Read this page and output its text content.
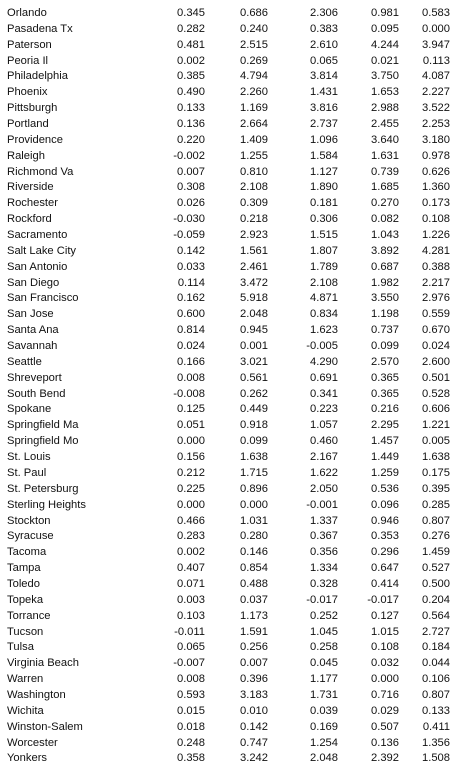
Orlando	0.345	0.686	2.306	0.981	0.583
Pasadena Tx	0.282	0.240	0.383	0.095	0.000
Paterson	0.481	2.515	2.610	4.244	3.947
Peoria Il	0.002	0.269	0.065	0.021	0.113
Philadelphia	0.385	4.794	3.814	3.750	4.087
Phoenix	0.490	2.260	1.431	1.653	2.227
Pittsburgh	0.133	1.169	3.816	2.988	3.522
Portland	0.136	2.664	2.737	2.455	2.253
Providence	0.220	1.409	1.096	3.640	3.180
Raleigh	-0.002	1.255	1.584	1.631	0.978
Richmond Va	0.007	0.810	1.127	0.739	0.626
Riverside	0.308	2.108	1.890	1.685	1.360
Rochester	0.026	0.309	0.181	0.270	0.173
Rockford	-0.030	0.218	0.306	0.082	0.108
Sacramento	-0.059	2.923	1.515	1.043	1.226
Salt Lake City	0.142	1.561	1.807	3.892	4.281
San Antonio	0.033	2.461	1.789	0.687	0.388
San Diego	0.114	3.472	2.108	1.982	2.217
San Francisco	0.162	5.918	4.871	3.550	2.976
San Jose	0.600	2.048	0.834	1.198	0.559
Santa Ana	0.814	0.945	1.623	0.737	0.670
Savannah	0.024	0.001	-0.005	0.099	0.024
Seattle	0.166	3.021	4.290	2.570	2.600
Shreveport	0.008	0.561	0.691	0.365	0.501
South Bend	-0.008	0.262	0.341	0.365	0.528
Spokane	0.125	0.449	0.223	0.216	0.606
Springfield Ma	0.051	0.918	1.057	2.295	1.221
Springfield Mo	0.000	0.099	0.460	1.457	0.005
St. Louis	0.156	1.638	2.167	1.449	1.638
St. Paul	0.212	1.715	1.622	1.259	0.175
St. Petersburg	0.225	0.896	2.050	0.536	0.395
Sterling Heights	0.000	0.000	-0.001	0.096	0.285
Stockton	0.466	1.031	1.337	0.946	0.807
Syracuse	0.283	0.280	0.367	0.353	0.276
Tacoma	0.002	0.146	0.356	0.296	1.459
Tampa	0.407	0.854	1.334	0.647	0.527
Toledo	0.071	0.488	0.328	0.414	0.500
Topeka	0.003	0.037	-0.017	-0.017	0.204
Torrance	0.103	1.173	0.252	0.127	0.564
Tucson	-0.011	1.591	1.045	1.015	2.727
Tulsa	0.065	0.256	0.258	0.108	0.184
Virginia Beach	-0.007	0.007	0.045	0.032	0.044
Warren	0.008	0.396	1.177	0.000	0.106
Washington	0.593	3.183	1.731	0.716	0.807
Wichita	0.015	0.010	0.039	0.029	0.133
Winston-Salem	0.018	0.142	0.169	0.507	0.411
Worcester	0.248	0.747	1.254	0.136	1.356
Yonkers	0.358	3.242	2.048	2.392	1.508
